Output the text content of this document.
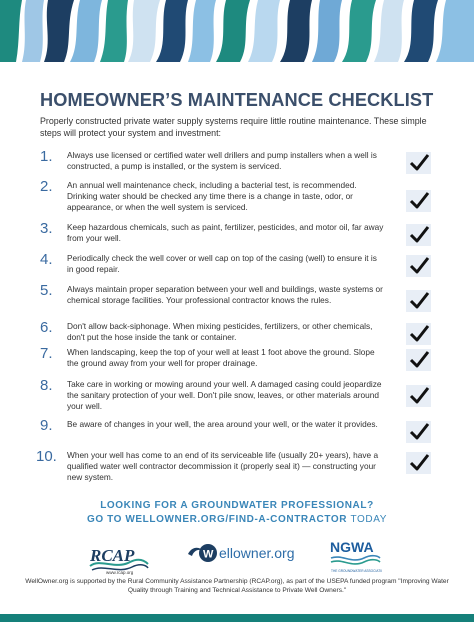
HOMEOWNER’S MAINTENANCE CHECKLIST
Properly constructed private water supply systems require little routine maintenance. These simple steps will protect your system and investment:
1.	Always use licensed or certified water well drillers and pump installers when a well is constructed, a pump is installed, or the system is serviced.
2.	An annual well maintenance check, including a bacterial test, is recommended. Drinking water should be checked any time there is a change in taste, odor, or appearance, or when the well system is serviced.
3.	Keep hazardous chemicals, such as paint, fertilizer, pesticides, and motor oil, far away from your well.
4.	Periodically check the well cover or well cap on top of the casing (well) to ensure it is in good repair.
5.	Always maintain proper separation between your well and buildings, waste systems or chemical storage facilities. Your professional contractor knows the rules.
6.	Don't allow back-siphonage. When mixing pesticides, fertilizers, or other chemicals, don't put the hose inside the tank or container.
7.	When landscaping, keep the top of your well at least 1 foot above the ground. Slope the ground away from your well for proper drainage.
8.	Take care in working or mowing around your well. A damaged casing could jeopardize the sanitary protection of your well. Don't pile snow, leaves, or other materials around your well.
9.	Be aware of changes in your well, the area around your well, or the water it provides.
10.	When your well has come to an end of its serviceable life (usually 20+ years), have a qualified water well contractor decommission it (properly seal it) — constructing your new system.
LOOKING FOR A GROUNDWATER PROFESSIONAL?
GO TO WELLOWNER.ORG/FIND-A-CONTRACTOR TODAY
RCAP
www.rcap.org
W ellowner.org	NGWA
THE GROUNDWATER ASSOCIATION
WellOwner.org is supported by the Rural Community Assistance Partnership (RCAP.org), as part of the USEPA funded program "Improving Water Quality through Training and Technical Assistance to Private Well Owners."
